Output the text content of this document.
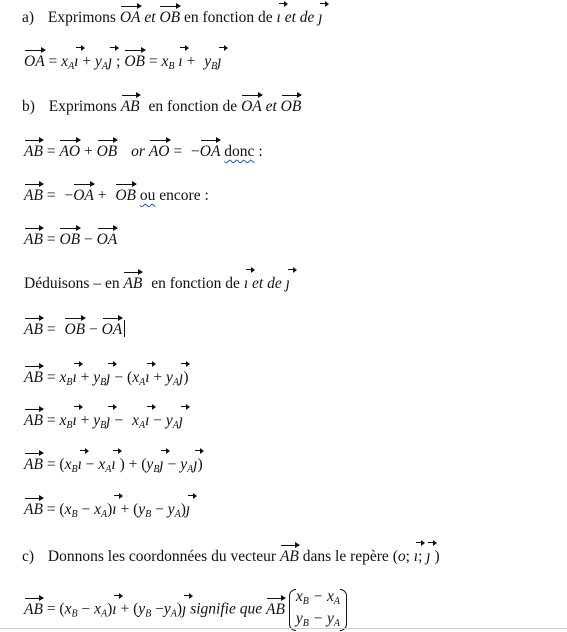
a) Exprimons OA et OB en fonction de ı et de ȷ
OA = $x_Aı$ + $y_Aȷ$ ; OB = $x_B$ ı + $y_Bȷ$
b) Exprimons AB en fonction de OA et OB
AB = AO + OB or AO = −OA donc :
AB = −OA + OB ou encore :
AB = OB − OA
Déduisons – en AB en fonction de ı et de ȷ
AB = OB − OA
AB = $x_Bı$ + $y_Bȷ$ − ($x_Aı$ + $y_Aȷ$)
AB = $x_Bı$ + $y_Bȷ$ − $x_Aı$ − $y_Aȷ$
AB = ($x_Bı$ − $x_Aı$ ) + ($y_Bȷ$ − $y_Aȷ$)
AB = ($x_B$ − $x_A)ı + (y_B$ − $y_A)ȷ$
c) Donnons les coordonnées du vecteur AB dans le repère (o; ı; ȷ )
AB = ($x_B$ − $x_A)ı + (y_B$ $-y_A)ȷ$ signifie que AB
$x_B - x_A$
$y_B - y_A$
